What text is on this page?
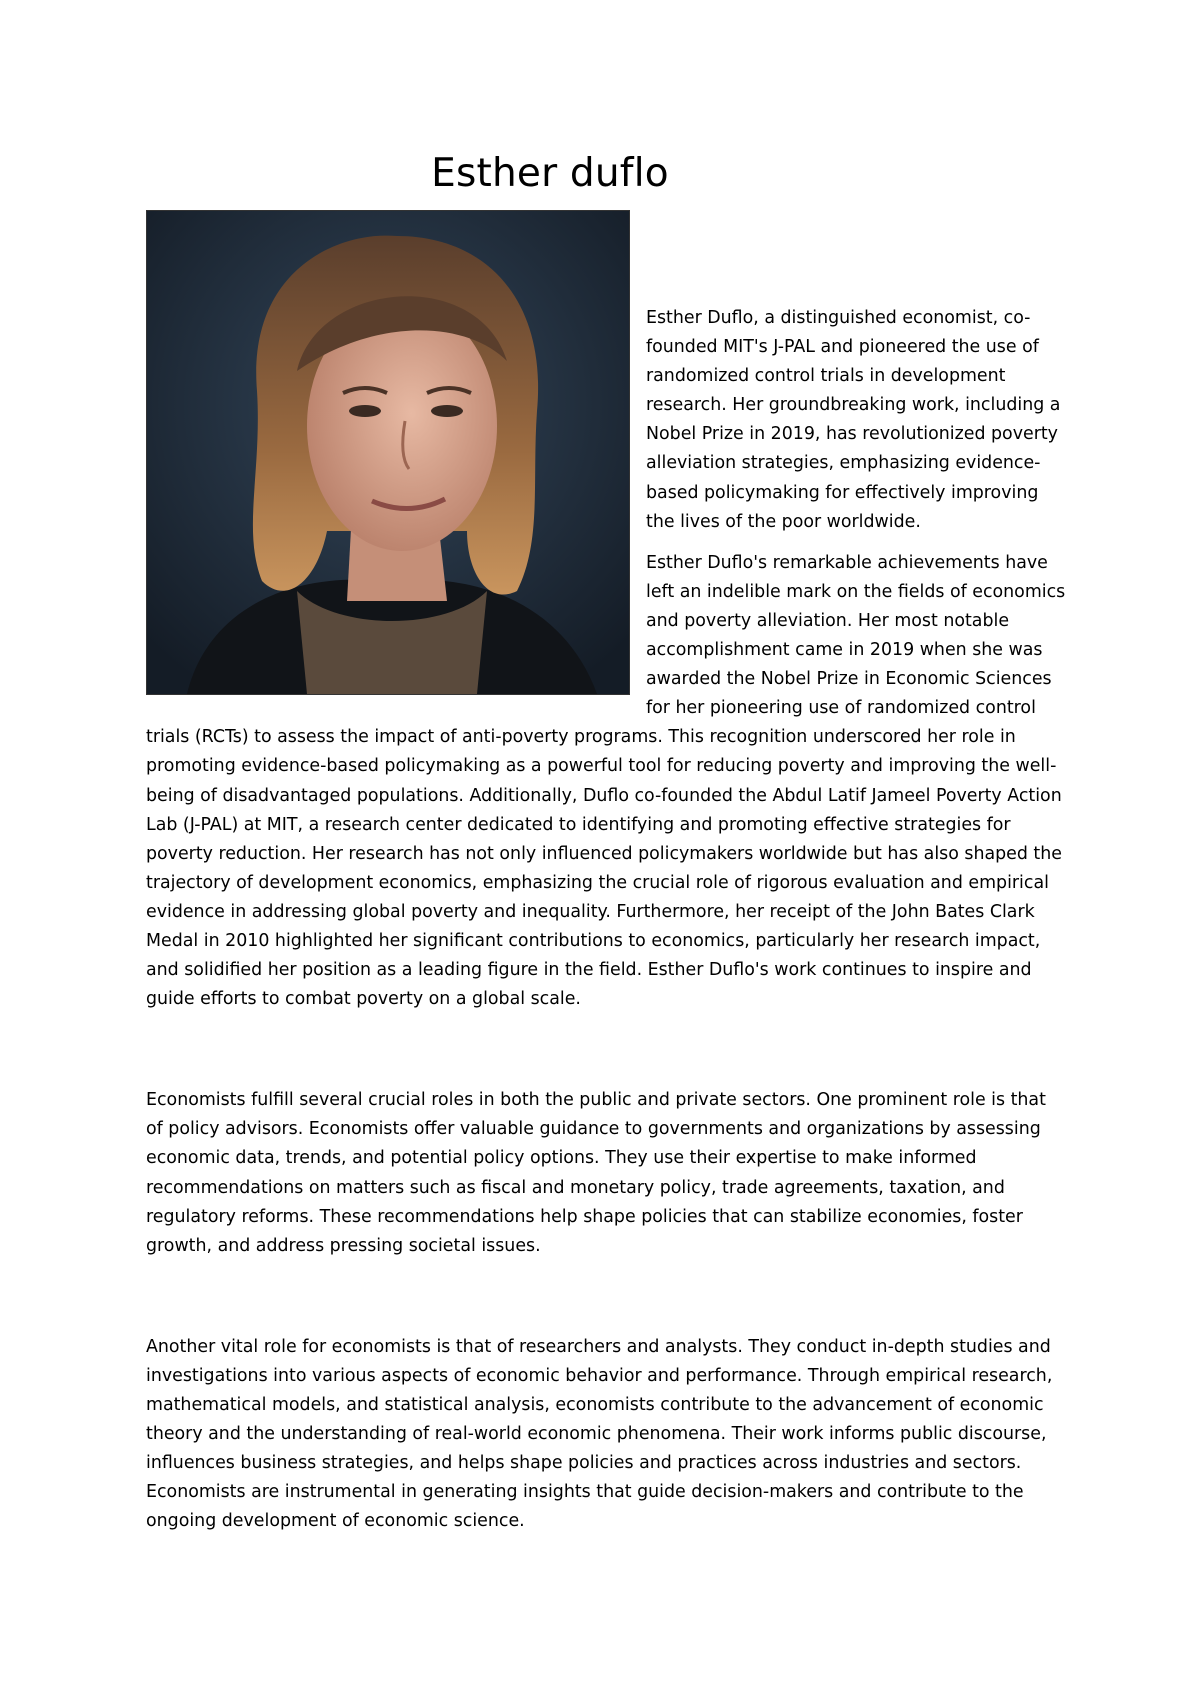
Esther duflo

Esther Duflo, a distinguished economist, co-founded MIT's J-PAL and pioneered the use of randomized control trials in development research. Her groundbreaking work, including a Nobel Prize in 2019, has revolutionized poverty alleviation strategies, emphasizing evidence-based policymaking for effectively improving the lives of the poor worldwide.

Esther Duflo's remarkable achievements have left an indelible mark on the fields of economics and poverty alleviation. Her most notable accomplishment came in 2019 when she was awarded the Nobel Prize in Economic Sciences for her pioneering use of randomized control trials (RCTs) to assess the impact of anti-poverty programs. This recognition underscored her role in promoting evidence-based policymaking as a powerful tool for reducing poverty and improving the well-being of disadvantaged populations. Additionally, Duflo co-founded the Abdul Latif Jameel Poverty Action Lab (J-PAL) at MIT, a research center dedicated to identifying and promoting effective strategies for poverty reduction. Her research has not only influenced policymakers worldwide but has also shaped the trajectory of development economics, emphasizing the crucial role of rigorous evaluation and empirical evidence in addressing global poverty and inequality. Furthermore, her receipt of the John Bates Clark Medal in 2010 highlighted her significant contributions to economics, particularly her research impact, and solidified her position as a leading figure in the field. Esther Duflo's work continues to inspire and guide efforts to combat poverty on a global scale.

Economists fulfill several crucial roles in both the public and private sectors. One prominent role is that of policy advisors. Economists offer valuable guidance to governments and organizations by assessing economic data, trends, and potential policy options. They use their expertise to make informed recommendations on matters such as fiscal and monetary policy, trade agreements, taxation, and regulatory reforms. These recommendations help shape policies that can stabilize economies, foster growth, and address pressing societal issues.

Another vital role for economists is that of researchers and analysts. They conduct in-depth studies and investigations into various aspects of economic behavior and performance. Through empirical research, mathematical models, and statistical analysis, economists contribute to the advancement of economic theory and the understanding of real-world economic phenomena. Their work informs public discourse, influences business strategies, and helps shape policies and practices across industries and sectors. Economists are instrumental in generating insights that guide decision-makers and contribute to the ongoing development of economic science.
